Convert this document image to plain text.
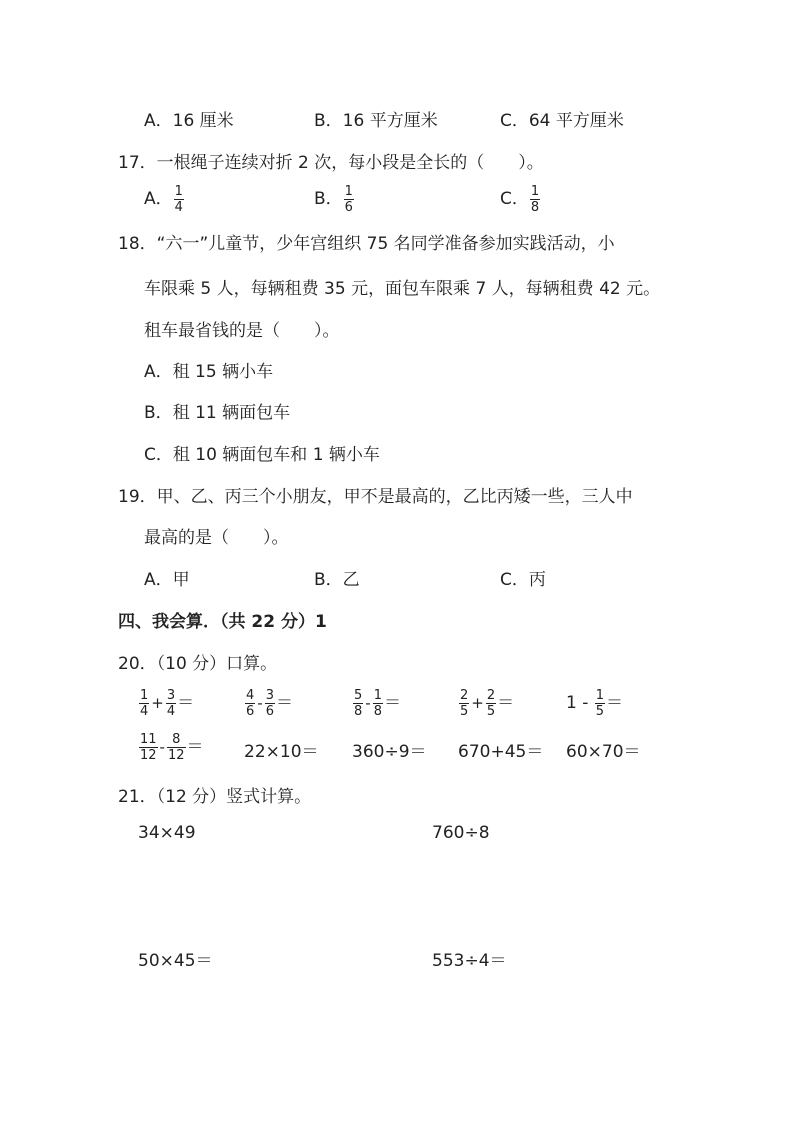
A．16 厘米	B．16 平方厘米	C．64 平方厘米
17．一根绳子连续对折 2 次，每小段是全长的（　　）。
A． $\frac{1}{4}$	B． $\frac{1}{6}$	C． $\frac{1}{8}$
18．“六一”儿童节，少年宫组织 75 名同学准备参加实践活动，小
车限乘 5 人，每辆租费 35 元，面包车限乘 7 人，每辆租费 42 元。
租车最省钱的是（　　）。
A．租 15 辆小车
B．租 11 辆面包车
C．租 10 辆面包车和 1 辆小车
19．甲、乙、丙三个小朋友，甲不是最高的，乙比丙矮一些，三人中
最高的是（　　）。
A．甲	B．乙	C．丙
四、我会算．（共 22 分）1
20．（10 分）口算。
$\frac{1}{4} + \frac{3}{4}$ ＝	$\frac{4}{6} - \frac{3}{6}$ ＝	$\frac{5}{8} - \frac{1}{8}$ ＝	$\frac{2}{5} + \frac{2}{5}$ ＝	$1 - \frac{1}{5}$ ＝
$\frac{11}{12} - \frac{8}{12} = 22\times 10= 360\div 9= 670+45= 60\times 70=$
21．（12 分）竖式计算。
34×49	760÷8
50×45＝	553÷4＝
